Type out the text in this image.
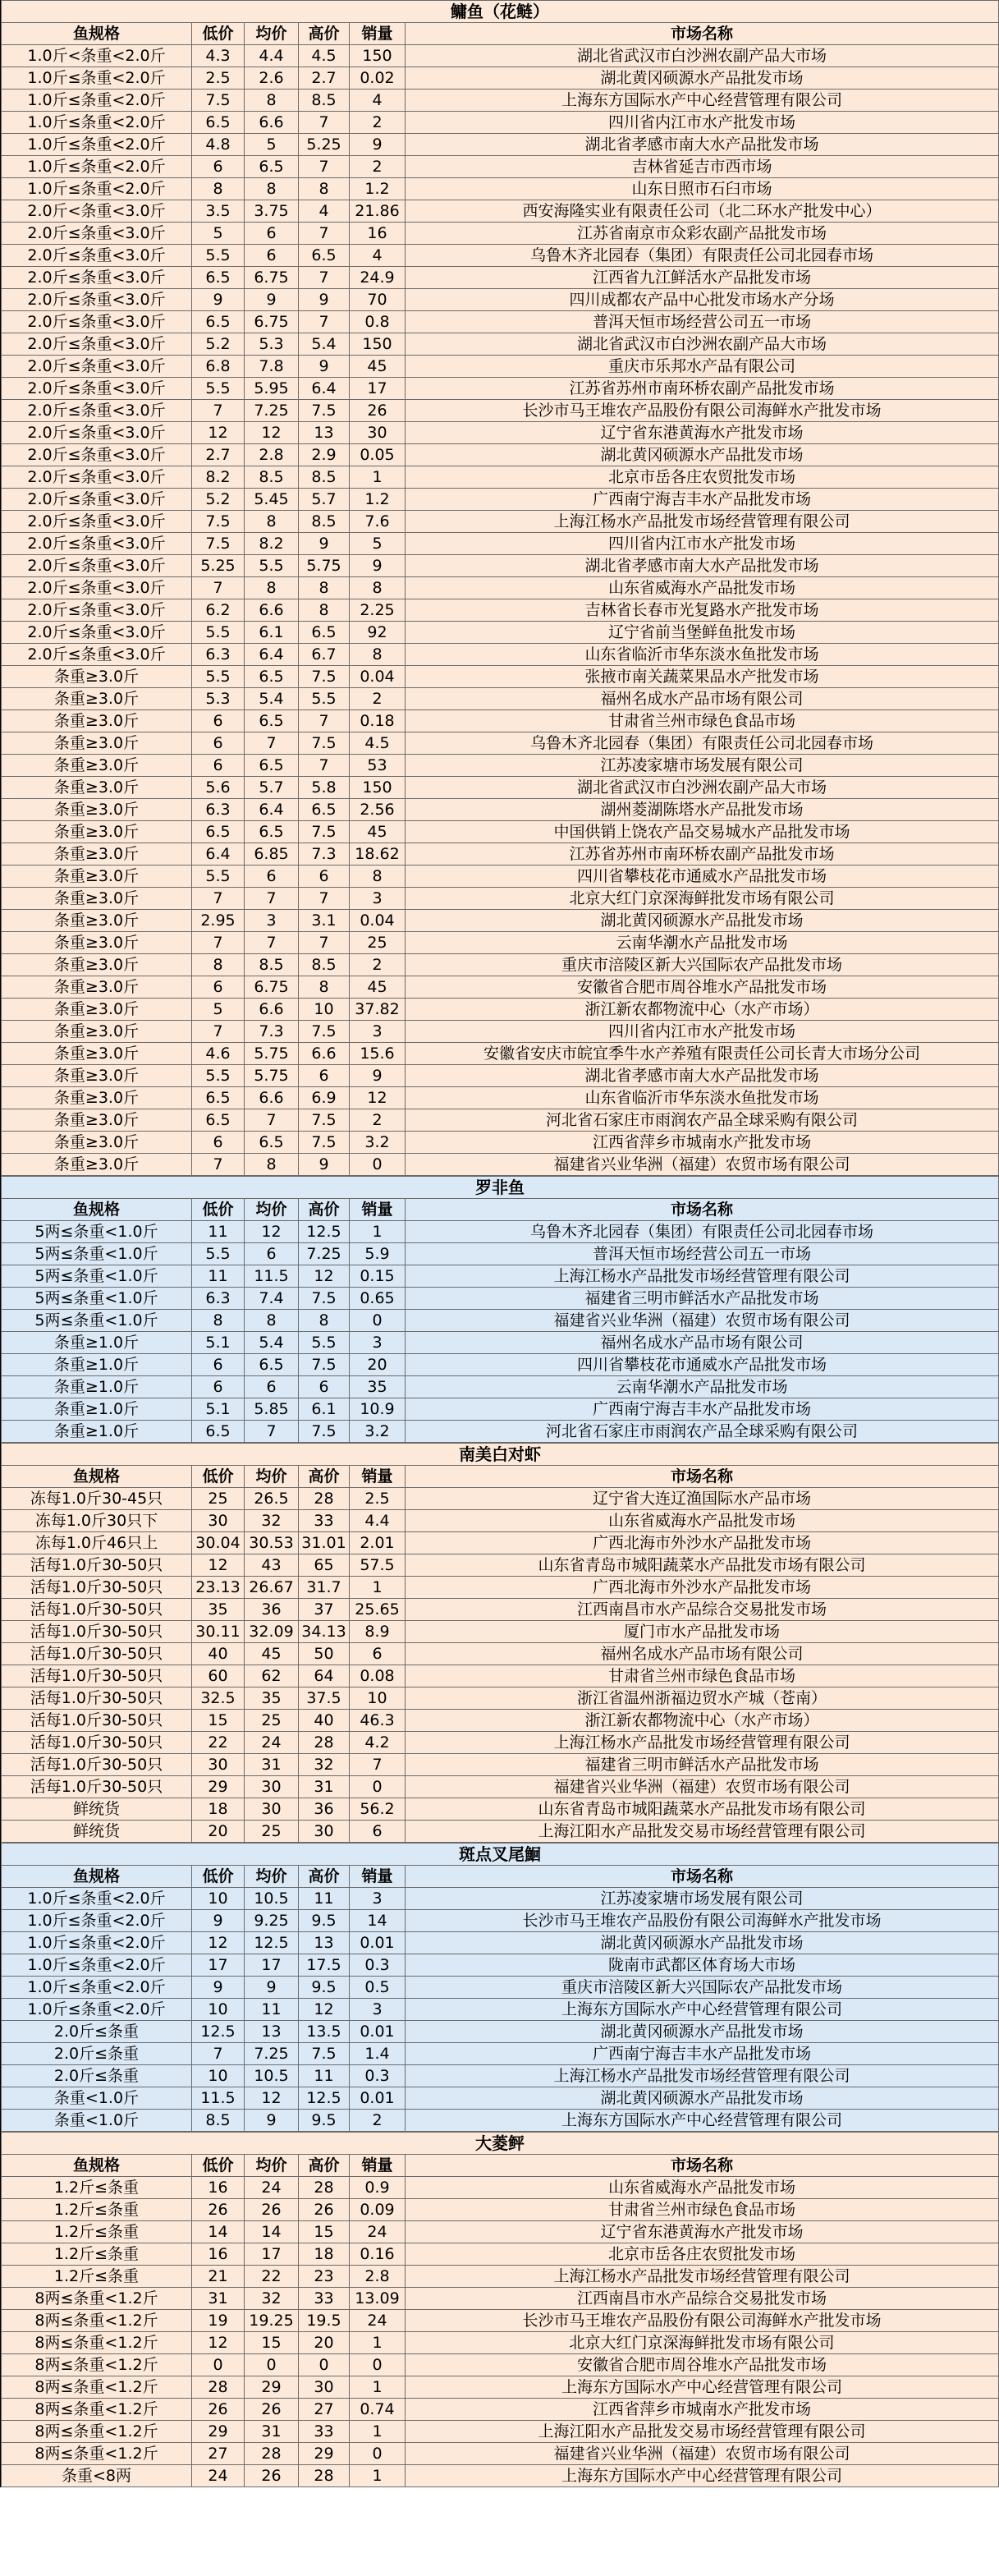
鳙鱼（花鲢）					
鱼规格	低价	均价	高价	销量	市场名称
1.0斤<条重<2.0斤	4.3	4.4	4.5	150	湖北省武汉市白沙洲农副产品大市场
1.0斤≤条重<2.0斤	2.5	2.6	2.7	0.02	湖北黄冈硕源水产品批发市场
1.0斤≤条重<2.0斤	7.5	8	8.5	4	上海东方国际水产中心经营管理有限公司
1.0斤≤条重<2.0斤	6.5	6.6	7	2	四川省内江市水产批发市场
1.0斤≤条重<2.0斤	4.8	5	5.25	9	湖北省孝感市南大水产品批发市场
1.0斤≤条重<2.0斤	6	6.5	7	2	吉林省延吉市西市场
1.0斤≤条重<2.0斤	8	8	8	1.2	山东日照市石臼市场
2.0斤<条重<3.0斤	3.5	3.75	4	21.86	西安海隆实业有限责任公司（北二环水产批发中心）
2.0斤≤条重<3.0斤	5	6	7	16	江苏省南京市众彩农副产品批发市场
2.0斤≤条重<3.0斤	5.5	6	6.5	4	乌鲁木齐北园春（集团）有限责任公司北园春市场
2.0斤≤条重<3.0斤	6.5	6.75	7	24.9	江西省九江鲜活水产品批发市场
2.0斤≤条重<3.0斤	9	9	9	70	四川成都农产品中心批发市场水产分场
2.0斤≤条重<3.0斤	6.5	6.75	7	0.8	普洱天恒市场经营公司五一市场
2.0斤≤条重<3.0斤	5.2	5.3	5.4	150	湖北省武汉市白沙洲农副产品大市场
2.0斤≤条重<3.0斤	6.8	7.8	9	45	重庆市乐邦水产品有限公司
2.0斤≤条重<3.0斤	5.5	5.95	6.4	17	江苏省苏州市南环桥农副产品批发市场
2.0斤≤条重<3.0斤	7	7.25	7.5	26	长沙市马王堆农产品股份有限公司海鲜水产批发市场
2.0斤≤条重<3.0斤	12	12	13	30	辽宁省东港黄海水产批发市场
2.0斤≤条重<3.0斤	2.7	2.8	2.9	0.05	湖北黄冈硕源水产品批发市场
2.0斤≤条重<3.0斤	8.2	8.5	8.5	1	北京市岳各庄农贸批发市场
2.0斤≤条重<3.0斤	5.2	5.45	5.7	1.2	广西南宁海吉丰水产品批发市场
2.0斤≤条重<3.0斤	7.5	8	8.5	7.6	上海江杨水产品批发市场经营管理有限公司
2.0斤≤条重<3.0斤	7.5	8.2	9	5	四川省内江市水产批发市场
2.0斤≤条重<3.0斤	5.25	5.5	5.75	9	湖北省孝感市南大水产品批发市场
2.0斤≤条重<3.0斤	7	8	8	8	山东省威海水产品批发市场
2.0斤≤条重<3.0斤	6.2	6.6	8	2.25	吉林省长春市光复路水产批发市场
2.0斤≤条重<3.0斤	5.5	6.1	6.5	92	辽宁省前当堡鲜鱼批发市场
2.0斤≤条重<3.0斤	6.3	6.4	6.7	8	山东省临沂市华东淡水鱼批发市场
条重≥3.0斤	5.5	6.5	7.5	0.04	张掖市南关蔬菜果品水产批发市场
条重≥3.0斤	5.3	5.4	5.5	2	福州名成水产品市场有限公司
条重≥3.0斤	6	6.5	7	0.18	甘肃省兰州市绿色食品市场
条重≥3.0斤	6	7	7.5	4.5	乌鲁木齐北园春（集团）有限责任公司北园春市场
条重≥3.0斤	6	6.5	7	53	江苏凌家塘市场发展有限公司
条重≥3.0斤	5.6	5.7	5.8	150	湖北省武汉市白沙洲农副产品大市场
条重≥3.0斤	6.3	6.4	6.5	2.56	湖州菱湖陈塔水产品批发市场
条重≥3.0斤	6.5	6.5	7.5	45	中国供销上饶农产品交易城水产品批发市场
条重≥3.0斤	6.4	6.85	7.3	18.62	江苏省苏州市南环桥农副产品批发市场
条重≥3.0斤	5.5	6	6	8	四川省攀枝花市通威水产品批发市场
条重≥3.0斤	7	7	7	3	北京大红门京深海鲜批发市场有限公司
条重≥3.0斤	2.95	3	3.1	0.04	湖北黄冈硕源水产品批发市场
条重≥3.0斤	7	7	7	25	云南华潮水产品批发市场
条重≥3.0斤	8	8.5	8.5	2	重庆市涪陵区新大兴国际农产品批发市场
条重≥3.0斤	6	6.75	8	45	安徽省合肥市周谷堆水产品批发市场
条重≥3.0斤	5	6.6	10	37.82	浙江新农都物流中心（水产市场）
条重≥3.0斤	7	7.3	7.5	3	四川省内江市水产批发市场
条重≥3.0斤	4.6	5.75	6.6	15.6	安徽省安庆市皖宜季牛水产养殖有限责任公司长青大市场分公司
条重≥3.0斤	5.5	5.75	6	9	湖北省孝感市南大水产品批发市场
条重≥3.0斤	6.5	6.6	6.9	12	山东省临沂市华东淡水鱼批发市场
条重≥3.0斤	6.5	7	7.5	2	河北省石家庄市雨润农产品全球采购有限公司
条重≥3.0斤	6	6.5	7.5	3.2	江西省萍乡市城南水产批发市场
条重≥3.0斤	7	8	9	0	福建省兴业华洲（福建）农贸市场有限公司
罗非鱼					
鱼规格	低价	均价	高价	销量	市场名称
5两≤条重<1.0斤	11	12	12.5	1	乌鲁木齐北园春（集团）有限责任公司北园春市场
5两≤条重<1.0斤	5.5	6	7.25	5.9	普洱天恒市场经营公司五一市场
5两≤条重<1.0斤	11	11.5	12	0.15	上海江杨水产品批发市场经营管理有限公司
5两≤条重<1.0斤	6.3	7.4	7.5	0.65	福建省三明市鲜活水产品批发市场
5两≤条重<1.0斤	8	8	8	0	福建省兴业华洲（福建）农贸市场有限公司
条重≥1.0斤	5.1	5.4	5.5	3	福州名成水产品市场有限公司
条重≥1.0斤	6	6.5	7.5	20	四川省攀枝花市通威水产品批发市场
条重≥1.0斤	6	6	6	35	云南华潮水产品批发市场
条重≥1.0斤	5.1	5.85	6.1	10.9	广西南宁海吉丰水产品批发市场
条重≥1.0斤	6.5	7	7.5	3.2	河北省石家庄市雨润农产品全球采购有限公司
南美白对虾					
鱼规格	低价	均价	高价	销量	市场名称
冻每1.0斤30-45只	25	26.5	28	2.5	辽宁省大连辽渔国际水产品市场
冻每1.0斤30只下	30	32	33	4.4	山东省威海水产品批发市场
冻每1.0斤46只上	30.04	30.53	31.01	2.01	广西北海市外沙水产品批发市场
活每1.0斤30-50只	12	43	65	57.5	山东省青岛市城阳蔬菜水产品批发市场有限公司
活每1.0斤30-50只	23.13	26.67	31.7	1	广西北海市外沙水产品批发市场
活每1.0斤30-50只	35	36	37	25.65	江西南昌市水产品综合交易批发市场
活每1.0斤30-50只	30.11	32.09	34.13	8.9	厦门市水产品批发市场
活每1.0斤30-50只	40	45	50	6	福州名成水产品市场有限公司
活每1.0斤30-50只	60	62	64	0.08	甘肃省兰州市绿色食品市场
活每1.0斤30-50只	32.5	35	37.5	10	浙江省温州浙福边贸水产城（苍南）
活每1.0斤30-50只	15	25	40	46.3	浙江新农都物流中心（水产市场）
活每1.0斤30-50只	22	24	28	4.2	上海江杨水产品批发市场经营管理有限公司
活每1.0斤30-50只	30	31	32	7	福建省三明市鲜活水产品批发市场
活每1.0斤30-50只	29	30	31	0	福建省兴业华洲（福建）农贸市场有限公司
鲜统货	18	30	36	56.2	山东省青岛市城阳蔬菜水产品批发市场有限公司
鲜统货	20	25	30	6	上海江阳水产品批发交易市场经营管理有限公司
斑点叉尾鮰					
鱼规格	低价	均价	高价	销量	市场名称
1.0斤≤条重<2.0斤	10	10.5	11	3	江苏凌家塘市场发展有限公司
1.0斤≤条重<2.0斤	9	9.25	9.5	14	长沙市马王堆农产品股份有限公司海鲜水产批发市场
1.0斤≤条重<2.0斤	12	12.5	13	0.01	湖北黄冈硕源水产品批发市场
1.0斤≤条重<2.0斤	17	17	17.5	0.3	陇南市武都区体育场大市场
1.0斤≤条重<2.0斤	9	9	9.5	0.5	重庆市涪陵区新大兴国际农产品批发市场
1.0斤≤条重<2.0斤	10	11	12	3	上海东方国际水产中心经营管理有限公司
2.0斤≤条重	12.5	13	13.5	0.01	湖北黄冈硕源水产品批发市场
2.0斤≤条重	7	7.25	7.5	1.4	广西南宁海吉丰水产品批发市场
2.0斤≤条重	10	10.5	11	0.3	上海江杨水产品批发市场经营管理有限公司
条重<1.0斤	11.5	12	12.5	0.01	湖北黄冈硕源水产品批发市场
条重<1.0斤	8.5	9	9.5	2	上海东方国际水产中心经营管理有限公司
大菱鲆					
鱼规格	低价	均价	高价	销量	市场名称
1.2斤≤条重	16	24	28	0.9	山东省威海水产品批发市场
1.2斤≤条重	26	26	26	0.09	甘肃省兰州市绿色食品市场
1.2斤≤条重	14	14	15	24	辽宁省东港黄海水产批发市场
1.2斤≤条重	16	17	18	0.16	北京市岳各庄农贸批发市场
1.2斤≤条重	21	22	23	2.8	上海江杨水产品批发市场经营管理有限公司
8两≤条重<1.2斤	31	32	33	13.09	江西南昌市水产品综合交易批发市场
8两≤条重<1.2斤	19	19.25	19.5	24	长沙市马王堆农产品股份有限公司海鲜水产批发市场
8两≤条重<1.2斤	12	15	20	1	北京大红门京深海鲜批发市场有限公司
8两≤条重<1.2斤	0	0	0	0	安徽省合肥市周谷堆水产品批发市场
8两≤条重<1.2斤	28	29	30	1	上海东方国际水产中心经营管理有限公司
8两≤条重<1.2斤	26	26	27	0.74	江西省萍乡市城南水产批发市场
8两≤条重<1.2斤	29	31	33	1	上海江阳水产品批发交易市场经营管理有限公司
8两≤条重<1.2斤	27	28	29	0	福建省兴业华洲（福建）农贸市场有限公司
条重<8两	24	26	28	1	上海东方国际水产中心经营管理有限公司
